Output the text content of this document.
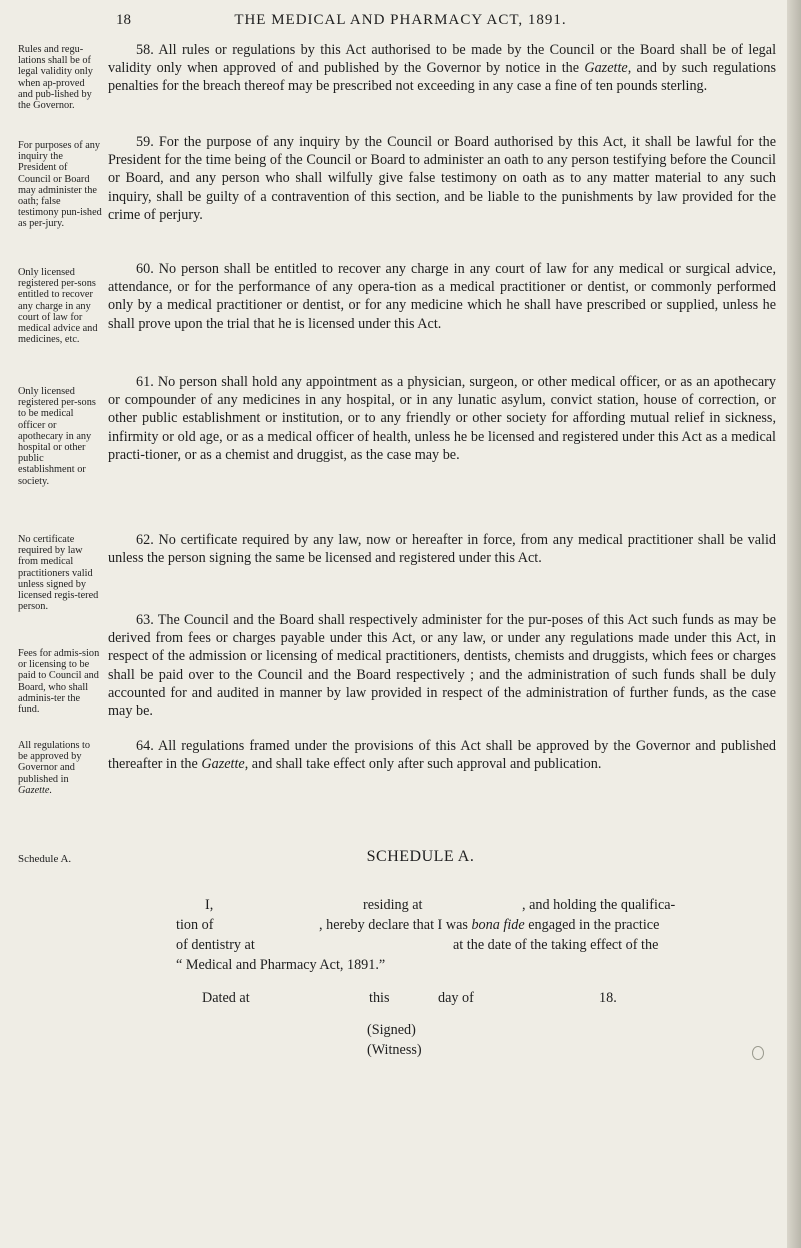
18	THE MEDICAL AND PHARMACY ACT, 1891.
Rules and regu-lations shall be of legal validity only when ap-proved and pub-lished by the Governor.

58. All rules or regulations by this Act authorised to be made by the Council or the Board shall be of legal validity only when approved of and published by the Governor by notice in the Gazette, and by such regulations penalties for the breach thereof may be prescribed not exceeding in any case a fine of ten pounds sterling.

For purposes of any inquiry the President of Council or Board may administer the oath; false testimony pun-ished as per-jury.

59. For the purpose of any inquiry by the Council or Board authorised by this Act, it shall be lawful for the President for the time being of the Council or Board to administer an oath to any person testifying before the Council or Board, and any person who shall wilfully give false testimony on oath as to any matter material to any such inquiry, shall be guilty of a contravention of this section, and be liable to the punishments by law provided for the crime of perjury.

Only licensed registered per-sons entitled to recover any charge in any court of law for medical advice and medicines, etc.

60. No person shall be entitled to recover any charge in any court of law for any medical or surgical advice, attendance, or for the performance of any opera-tion as a medical practitioner or dentist, or commonly performed only by a medical practitioner or dentist, or for any medicine which he shall have prescribed or supplied, unless he shall prove upon the trial that he is licensed under this Act.

Only licensed registered per-sons to be medical officer or apothecary in any hospital or other public establishment or society.

61. No person shall hold any appointment as a physician, surgeon, or other medical officer, or as an apothecary or compounder of any medicines in any hospital, or in any lunatic asylum, convict station, house of correction, or other public establishment or institution, or to any friendly or other society for affording mutual relief in sickness, infirmity or old age, or as a medical officer of health, unless he be licensed and registered under this Act as a medical practi-tioner, or as a chemist and druggist, as the case may be.

No certificate required by law from medical practitioners valid unless signed by licensed regis-tered person.

62. No certificate required by any law, now or hereafter in force, from any medical practitioner shall be valid unless the person signing the same be licensed and registered under this Act.

Fees for admis-sion or licensing to be paid to Council and Board, who shall adminis-ter the fund.

63. The Council and the Board shall respectively administer for the pur-poses of this Act such funds as may be derived from fees or charges payable under this Act, or any law, or under any regulations made under this Act, in respect of the admission or licensing of medical practitioners, dentists, chemists and druggists, which fees or charges shall be paid over to the Council and the Board respectively ; and the administration of such funds shall be duly accounted for and audited in manner by law provided in respect of the administration of further funds, as the case may be.

All regulations to be approved by Governor and published in Gazette.

64. All regulations framed under the provisions of this Act shall be approved by the Governor and published thereafter in the Gazette, and shall take effect only after such approval and publication.

Schedule A.	SCHEDULE A.
I,	residing at	, and holding the qualifica-
tion of	, hereby declare that I was bona fide engaged in the practice
of dentistry at	at the date of the taking effect of the
“ Medical and Pharmacy Act, 1891.”
Dated at	this	day of	18.
(Signed)
(Witness)
